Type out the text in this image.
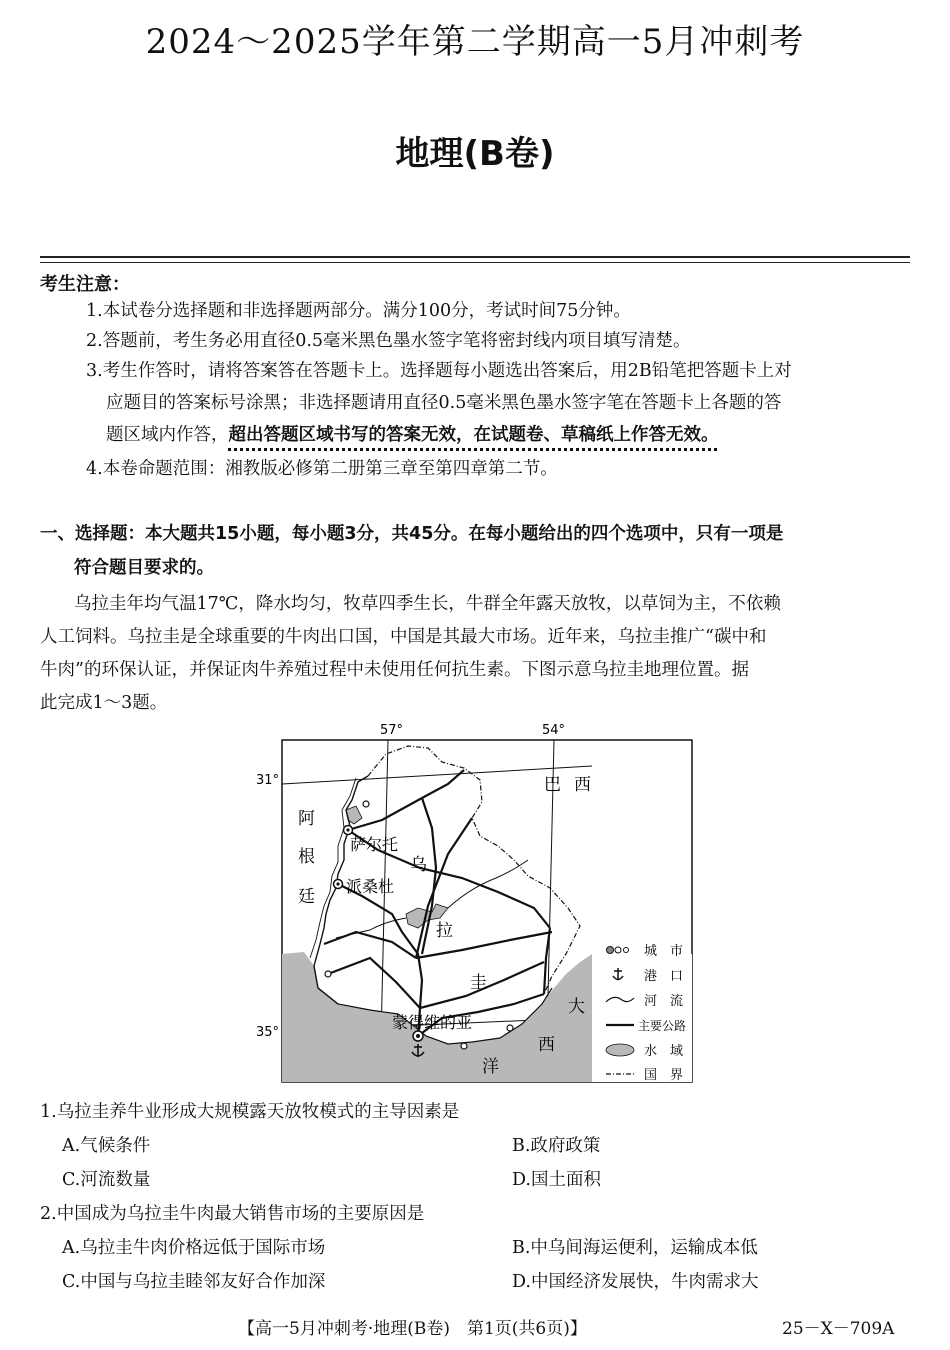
2024～2025学年第二学期高一5月冲刺考
地理(B卷)
考生注意：
1.本试卷分选择题和非选择题两部分。满分100分，考试时间75分钟。
2.答题前，考生务必用直径0.5毫米黑色墨水签字笔将密封线内项目填写清楚。
3.考生作答时，请将答案答在答题卡上。选择题每小题选出答案后，用2B铅笔把答题卡上对
应题目的答案标号涂黑；非选择题请用直径0.5毫米黑色墨水签字笔在答题卡上各题的答
题区域内作答，超出答题区域书写的答案无效，在试题卷、草稿纸上作答无效。
4.本卷命题范围：湘教版必修第二册第三章至第四章第二节。
一、选择题：本大题共15小题，每小题3分，共45分。在每小题给出的四个选项中，只有一项是
符合题目要求的。
乌拉圭年均气温17℃，降水均匀，牧草四季生长，牛群全年露天放牧，以草饲为主，不依赖
人工饲料。乌拉圭是全球重要的牛肉出口国，中国是其最大市场。近年来，乌拉圭推广“碳中和
牛肉”的环保认证，并保证肉牛养殖过程中未使用任何抗生素。下图示意乌拉圭地理位置。据
此完成1～3题。
57°	54°
31°
35°
巴 西
阿
根
廷
萨尔托
派桑杜
乌
拉
圭
蒙得维的亚
大
西
洋
城　市
港　口
河　流
主要公路
水　域
国　界
1.乌拉圭养牛业形成大规模露天放牧模式的主导因素是
A.气候条件	B.政府政策
C.河流数量	D.国土面积
2.中国成为乌拉圭牛肉最大销售市场的主要原因是
A.乌拉圭牛肉价格远低于国际市场	B.中乌间海运便利，运输成本低
C.中国与乌拉圭睦邻友好合作加深	D.中国经济发展快，牛肉需求大
【高一5月冲刺考·地理(B卷)　第1页(共6页)】	25－X－709A
